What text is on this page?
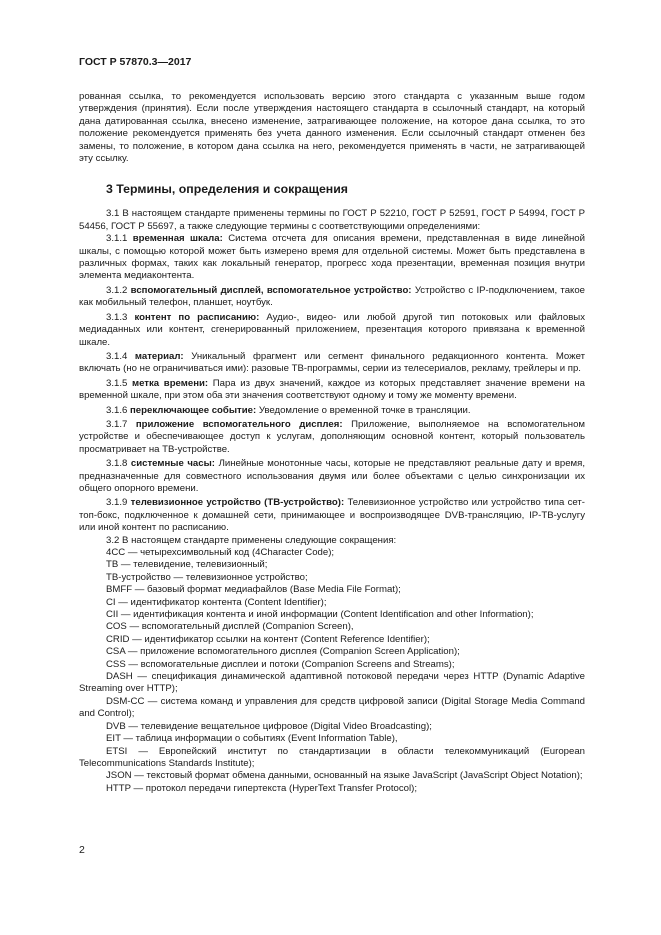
ГОСТ Р 57870.3—2017

рованная ссылка, то рекомендуется использовать версию этого стандарта с указанным выше годом утверждения (принятия). Если после утверждения настоящего стандарта в ссылочный стандарт, на который дана датированная ссылка, внесено изменение, затрагивающее положение, на которое дана ссылка, то это положение рекомендуется применять без учета данного изменения. Если ссылочный стандарт отменен без замены, то положение, в котором дана ссылка на него, рекомендуется применять в части, не затрагивающей эту ссылку.

3 Термины, определения и сокращения

3.1 В настоящем стандарте применены термины по ГОСТ Р 52210, ГОСТ Р 52591, ГОСТ Р 54994, ГОСТ Р 54456, ГОСТ Р 55697, а также следующие термины с соответствующими определениями:

3.1.1 временная шкала: Система отсчета для описания времени, представленная в виде линейной шкалы, с помощью которой может быть измерено время для отдельной системы. Может быть представлена в различных формах, таких как локальный генератор, прогресс хода презентации, временная позиция внутри элемента медиаконтента.

3.1.2 вспомогательный дисплей, вспомогательное устройство: Устройство с IP-подключением, такое как мобильный телефон, планшет, ноутбук.

3.1.3 контент по расписанию: Аудио-, видео- или любой другой тип потоковых или файловых медиаданных или контент, сгенерированный приложением, презентация которого привязана к временной шкале.

3.1.4 материал: Уникальный фрагмент или сегмент финального редакционного контента. Может включать (но не ограничиваться ими): разовые ТВ-программы, серии из телесериалов, рекламу, трейлеры и пр.

3.1.5 метка времени: Пара из двух значений, каждое из которых представляет значение времени на временной шкале, при этом оба эти значения соответствуют одному и тому же моменту времени.

3.1.6 переключающее событие: Уведомление о временной точке в трансляции.

3.1.7 приложение вспомогательного дисплея: Приложение, выполняемое на вспомогательном устройстве и обеспечивающее доступ к услугам, дополняющим основной контент, который пользователь просматривает на ТВ-устройстве.

3.1.8 системные часы: Линейные монотонные часы, которые не представляют реальные дату и время, предназначенные для совместного использования двумя или более объектами с целью синхронизации их общего опорного времени.

3.1.9 телевизионное устройство (ТВ-устройство): Телевизионное устройство или устройство типа сет-топ-бокс, подключенное к домашней сети, принимающее и воспроизводящее DVB-трансляцию, IP-ТВ-услугу или иной контент по расписанию.

3.2 В настоящем стандарте применены следующие сокращения:

4CC — четырехсимвольный код (4Character Code);

ТВ — телевидение, телевизионный;

ТВ-устройство — телевизионное устройство;

BMFF — базовый формат медиафайлов (Base Media File Format);

CI — идентификатор контента (Content Identifier);

CII — идентификация контента и иной информации (Content Identification and other Information);

COS — вспомогательный дисплей (Companion Screen),

CRID — идентификатор ссылки на контент (Content Reference Identifier);

CSA — приложение вспомогательного дисплея (Companion Screen Application);

CSS — вспомогательные дисплеи и потоки (Companion Screens and Streams);

DASH — спецификация динамической адаптивной потоковой передачи через HTTP (Dynamic Adaptive Streaming over HTTP);

DSM-CC — система команд и управления для средств цифровой записи (Digital Storage Media Command and Control);

DVB — телевидение вещательное цифровое (Digital Video Broadcasting);

EIT — таблица информации о событиях (Event Information Table),

ETSI — Европейский институт по стандартизации в области телекоммуникаций (European Telecommunications Standards Institute);

JSON — текстовый формат обмена данными, основанный на языке JavaScript (JavaScript Object Notation);

HTTP — протокол передачи гипертекста (HyperText Transfer Protocol);

2
